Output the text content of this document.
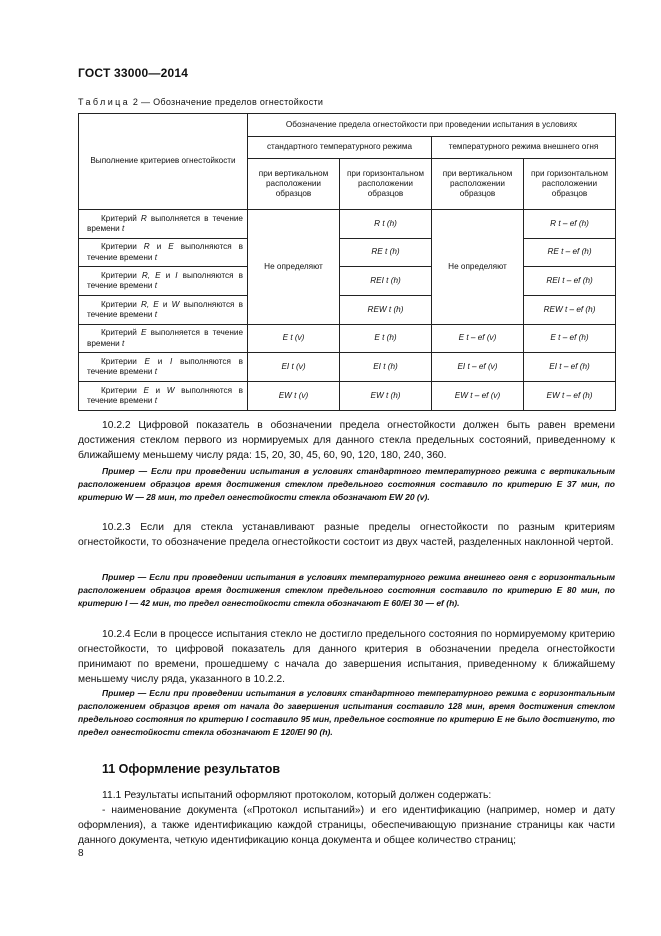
ГОСТ 33000—2014
Таблица 2 — Обозначение пределов огнестойкости
Выполнение критериев огнестойкости	Обозначение предела огнестойкости при проведении испытания в условиях			
	стандартного температурного режима		температурного режима внешнего огня	
	при вертикальном расположении образцов	при горизонтальном расположении образцов	при вертикальном расположении образцов	при горизонтальном расположении образцов
Критерий R выполняется в течение времени t	Не определяют	R t (h)	Не определяют	R t – ef (h)
Критерии R и E выполняются в течение времени t		RE t (h)		RE t – ef (h)
Критерии R, E и I выполняются в течение времени t		REI t (h)		REI t – ef (h)
Критерии R, E и W выполняются в течение времени t		REW t (h)		REW t – ef (h)
Критерий E выполняется в течение времени t	E t (v)	E t (h)	E t – ef (v)	E t – ef (h)
Критерии E и I выполняются в течение времени t	EI t (v)	EI t (h)	EI t – ef (v)	EI t – ef (h)
Критерии E и W выполняются в течение времени t	EW t (v)	EW t (h)	EW t – ef (v)	EW t – ef (h)
10.2.2 Цифровой показатель в обозначении предела огнестойкости должен быть равен времени достижения стеклом первого из нормируемых для данного стекла предельных состояний, приведенному к ближайшему меньшему числу ряда: 15, 20, 30, 45, 60, 90, 120, 180, 240, 360.
Пример — Если при проведении испытания в условиях стандартного температурного режима с вертикальным расположением образцов время достижения стеклом предельного состояния составило по критерию E 37 мин, по критерию W — 28 мин, то предел огнестойкости стекла обозначают EW 20 (v).
10.2.3 Если для стекла устанавливают разные пределы огнестойкости по разным критериям огнестойкости, то обозначение предела огнестойкости состоит из двух частей, разделенных наклонной чертой.
Пример — Если при проведении испытания в условиях температурного режима внешнего огня с горизонтальным расположением образцов время достижения стеклом предельного состояния составило по критерию E 80 мин, по критерию I — 42 мин, то предел огнестойкости стекла обозначают E 60/EI 30 — ef (h).
10.2.4 Если в процессе испытания стекло не достигло предельного состояния по нормируемому критерию огнестойкости, то цифровой показатель для данного критерия в обозначении предела огнестойкости принимают по времени, прошедшему с начала до завершения испытания, приведенному к ближайшему меньшему числу ряда, указанного в 10.2.2.
Пример — Если при проведении испытания в условиях стандартного температурного режима с горизонтальным расположением образцов время от начала до завершения испытания составило 128 мин, время достижения стеклом предельного состояния по критерию I составило 95 мин, предельное состояние по критерию E не было достигнуто, то предел огнестойкости стекла обозначают E 120/EI 90 (h).
11 Оформление результатов
11.1 Результаты испытаний оформляют протоколом, который должен содержать:
- наименование документа («Протокол испытаний») и его идентификацию (например, номер и дату оформления), а также идентификацию каждой страницы, обеспечивающую признание страницы как части данного документа, четкую идентификацию конца документа и общее количество страниц;
8
